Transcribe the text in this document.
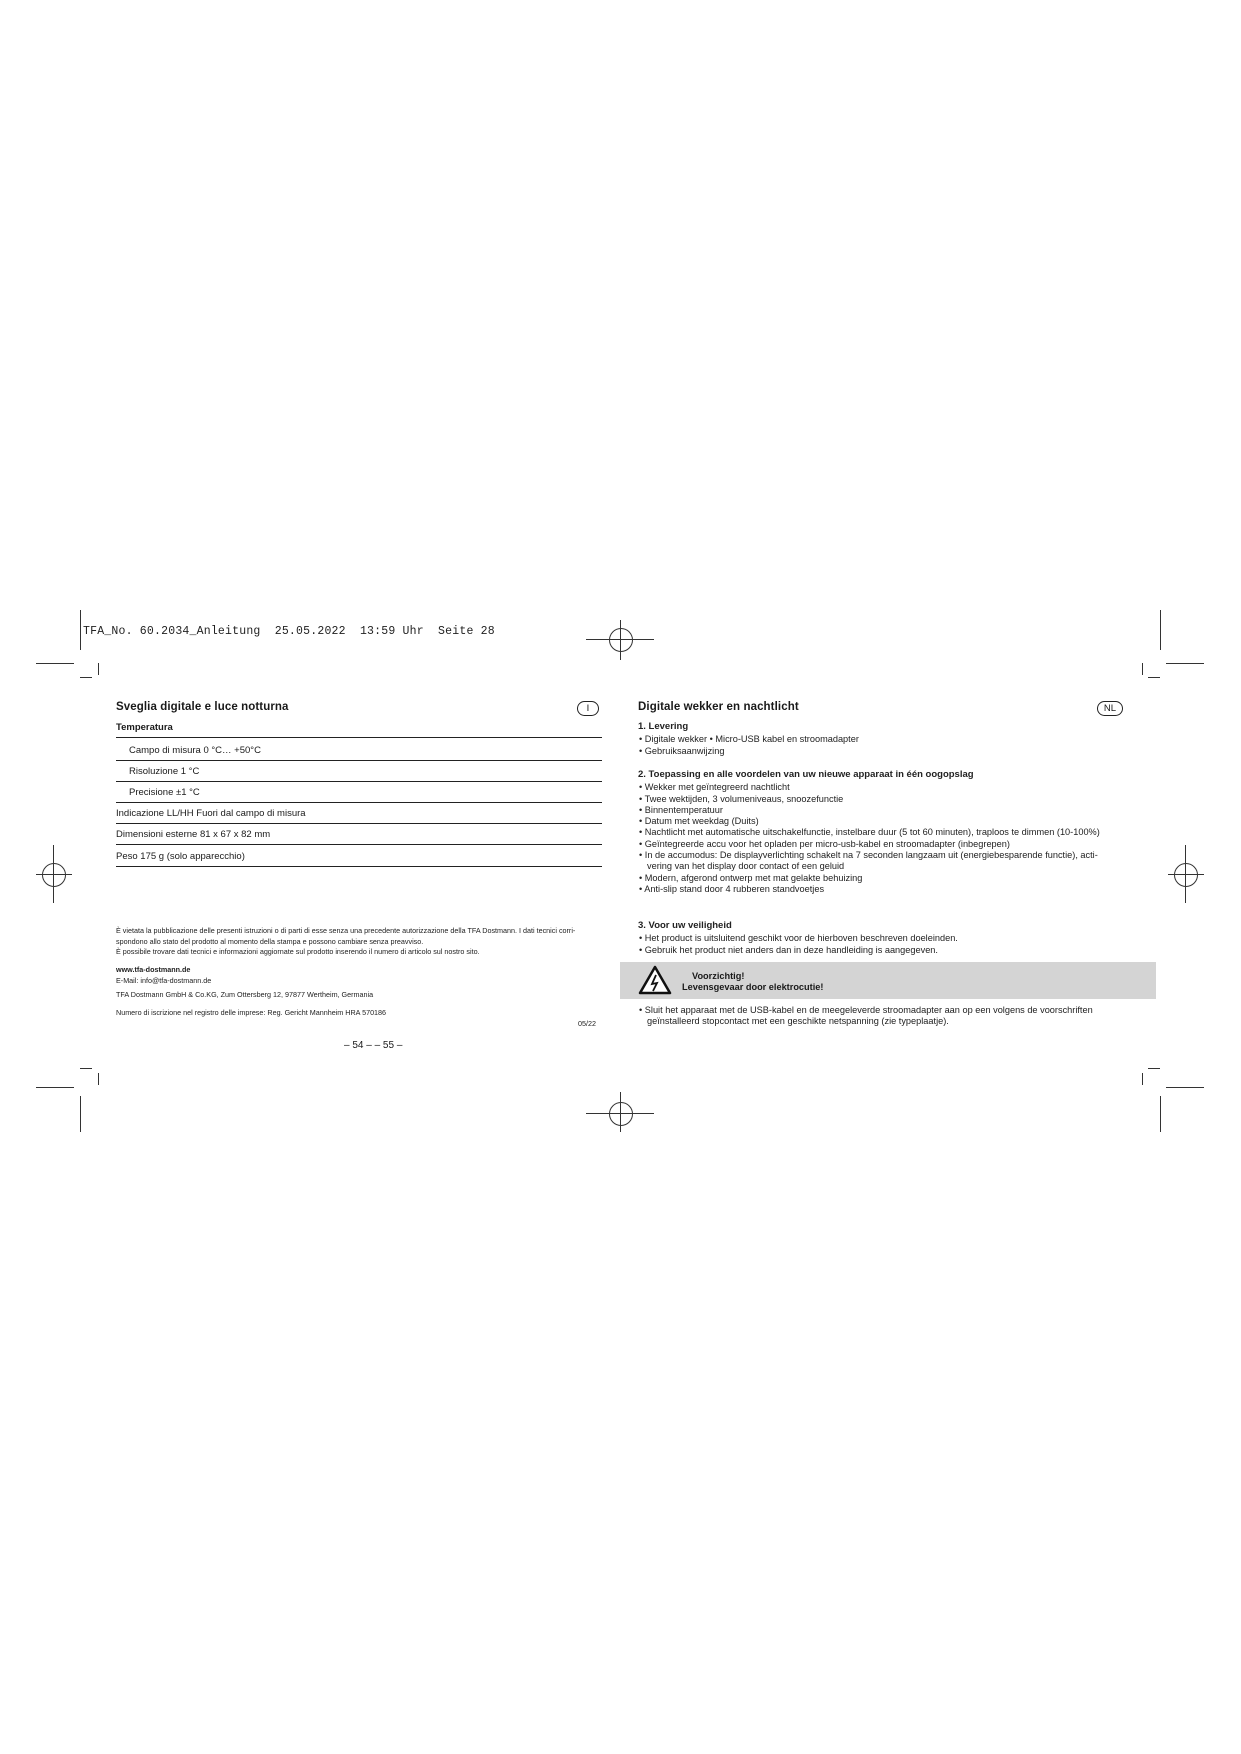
TFA_No. 60.2034_Anleitung  25.05.2022  13:59 Uhr  Seite 28
Sveglia digitale e luce notturna	I
Temperatura
Campo di misura 0 °C… +50°C
Risoluzione 1 °C
Precisione ±1 °C
Indicazione LL/HH Fuori dal campo di misura
Dimensioni esterne 81 x 67 x 82 mm
Peso 175 g (solo apparecchio)
È vietata la pubblicazione delle presenti istruzioni o di parti di esse senza una precedente autorizzazione della TFA Dostmann. I dati tecnici corri-
spondono allo stato del prodotto al momento della stampa e possono cambiare senza preavviso.
È possibile trovare dati tecnici e informazioni aggiornate sul prodotto inserendo il numero di articolo sul nostro sito.
www.tfa-dostmann.de
E-Mail: info@tfa-dostmann.de
TFA Dostmann GmbH & Co.KG, Zum Ottersberg 12, 97877 Wertheim, Germania
Numero di iscrizione nel registro delle imprese: Reg. Gericht Mannheim HRA 570186
05/22
– 54 – – 55 –
Digitale wekker en nachtlicht	NL
1. Levering
• Digitale wekker • Micro-USB kabel en stroomadapter
• Gebruiksaanwijzing
2. Toepassing en alle voordelen van uw nieuwe apparaat in één oogopslag
• Wekker met geïntegreerd nachtlicht
• Twee wektijden, 3 volumeniveaus, snoozefunctie
• Binnentemperatuur
• Datum met weekdag (Duits)
• Nachtlicht met automatische uitschakelfunctie, instelbare duur (5 tot 60 minuten), traploos te dimmen (10-100%)
• Geïntegreerde accu voor het opladen per micro-usb-kabel en stroomadapter (inbegrepen)
• In de accumodus: De displayverlichting schakelt na 7 seconden langzaam uit (energiebesparende functie), acti- vering van het display door contact of een geluid
• Modern, afgerond ontwerp met mat gelakte behuizing
• Anti-slip stand door 4 rubberen standvoetjes
3. Voor uw veiligheid
• Het product is uitsluitend geschikt voor de hierboven beschreven doeleinden.
• Gebruik het product niet anders dan in deze handleiding is aangegeven.
Voorzichtig!
Levensgevaar door elektrocutie!
• Sluit het apparaat met de USB-kabel en de meegeleverde stroomadapter aan op een volgens de voorschriften geïnstalleerd stopcontact met een geschikte netspanning (zie typeplaatje).
